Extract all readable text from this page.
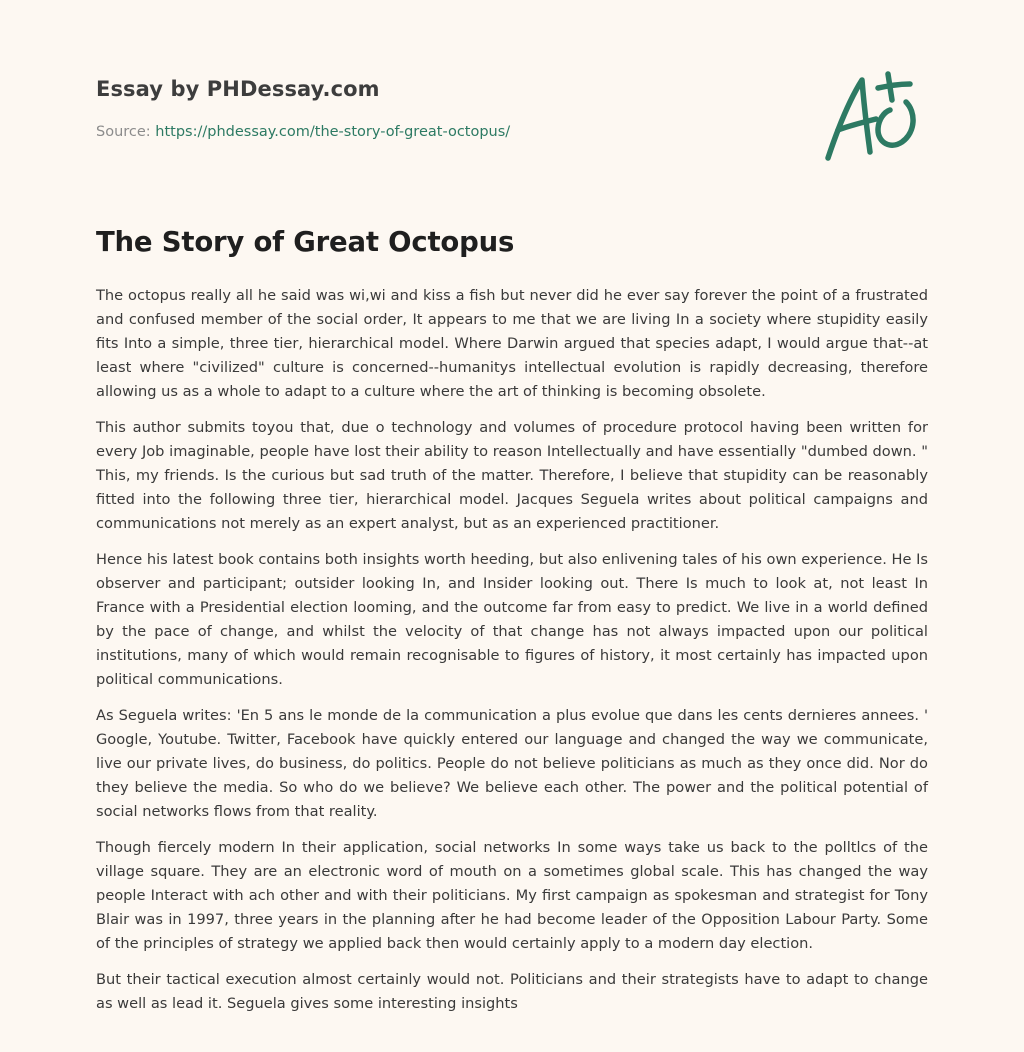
Essay by PHDessay.com
Source: https://phdessay.com/the-story-of-great-octopus/
The Story of Great Octopus

The octopus really all he said was wi,wi and kiss a fish but never did he ever say forever the point of a frustrated and confused member of the social order, It appears to me that we are living In a society where stupidity easily fits Into a simple, three tier, hierarchical model. Where Darwin argued that species adapt, I would argue that--at least where "civilized" culture is concerned--humanitys intellectual evolution is rapidly decreasing, therefore allowing us as a whole to adapt to a culture where the art of thinking is becoming obsolete.

This author submits toyou that, due o technology and volumes of procedure protocol having been written for every Job imaginable, people have lost their ability to reason Intellectually and have essentially "dumbed down. " This, my friends. Is the curious but sad truth of the matter. Therefore, I believe that stupidity can be reasonably fitted into the following three tier, hierarchical model. Jacques Seguela writes about political campaigns and communications not merely as an expert analyst, but as an experienced practitioner.

Hence his latest book contains both insights worth heeding, but also enlivening tales of his own experience. He Is observer and participant; outsider looking In, and Insider looking out. There Is much to look at, not least In France with a Presidential election looming, and the outcome far from easy to predict. We live in a world defined by the pace of change, and whilst the velocity of that change has not always impacted upon our political institutions, many of which would remain recognisable to figures of history, it most certainly has impacted upon political communications.

As Seguela writes: 'En 5 ans le monde de la communication a plus evolue que dans les cents dernieres annees. ' Google, Youtube. Twitter, Facebook have quickly entered our language and changed the way we communicate, live our private lives, do business, do politics. People do not believe politicians as much as they once did. Nor do they believe the media. So who do we believe? We believe each other. The power and the political potential of social networks flows from that reality.

Though fiercely modern In their application, social networks In some ways take us back to the polltlcs of the village square. They are an electronic word of mouth on a sometimes global scale. This has changed the way people Interact with ach other and with their politicians. My first campaign as spokesman and strategist for Tony Blair was in 1997, three years in the planning after he had become leader of the Opposition Labour Party. Some of the principles of strategy we applied back then would certainly apply to a modern day election.

But their tactical execution almost certainly would not. Politicians and their strategists have to adapt to change as well as lead it. Seguela gives some interesting insights
